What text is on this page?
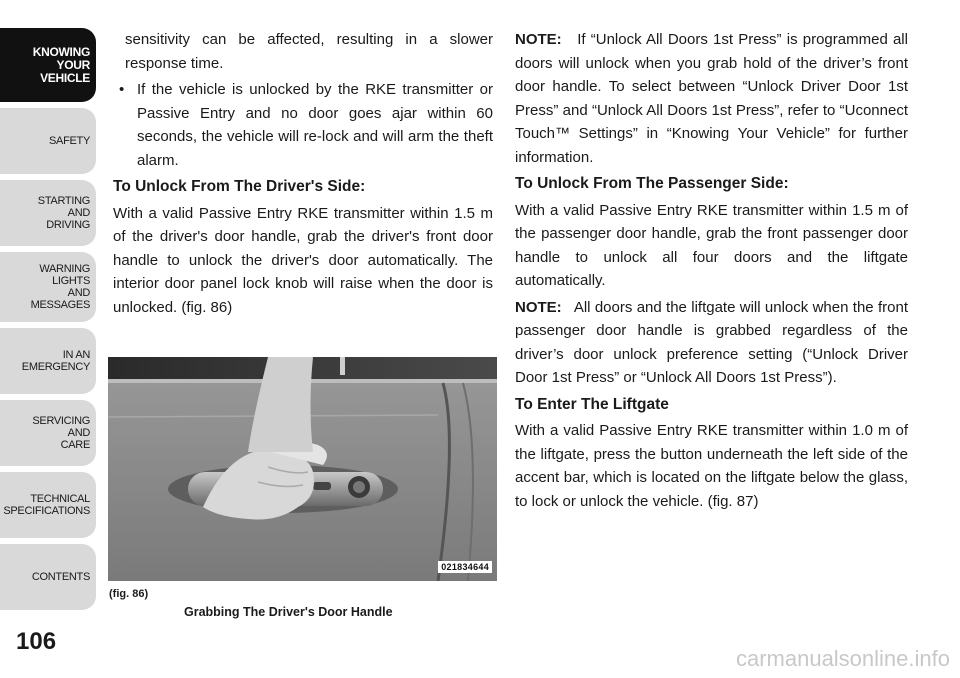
KNOWING
YOUR
VEHICLE
SAFETY
STARTING
AND
DRIVING
WARNING
LIGHTS
AND
MESSAGES
IN AN
EMERGENCY
SERVICING
AND
CARE
TECHNICAL
SPECIFICATIONS
CONTENTS
106

sensitivity can be affected, resulting in a slower response time.

• If the vehicle is unlocked by the RKE transmitter or Passive Entry and no door goes ajar within 60 seconds, the vehicle will re-lock and will arm the theft alarm.

To Unlock From The Driver's Side:

With a valid Passive Entry RKE transmitter within 1.5 m of the driver's door handle, grab the driver's front door handle to unlock the driver's door automatically. The interior door panel lock knob will raise when the door is unlocked. (fig. 86)

021834644
(fig. 86)
Grabbing The Driver's Door Handle

NOTE: If “Unlock All Doors 1st Press” is programmed all doors will unlock when you grab hold of the driver’s front door handle. To select between “Unlock Driver Door 1st Press” and “Unlock All Doors 1st Press”, refer to “Uconnect Touch™ Settings” in “Knowing Your Vehicle” for further information.

To Unlock From The Passenger Side:

With a valid Passive Entry RKE transmitter within 1.5 m of the passenger door handle, grab the front passenger door handle to unlock all four doors and the liftgate automatically.

NOTE: All doors and the liftgate will unlock when the front passenger door handle is grabbed regardless of the driver’s door unlock preference setting (“Unlock Driver Door 1st Press” or “Unlock All Doors 1st Press”).

To Enter The Liftgate

With a valid Passive Entry RKE transmitter within 1.0 m of the liftgate, press the button underneath the left side of the accent bar, which is located on the liftgate below the glass, to lock or unlock the vehicle. (fig. 87)

carmanualsonline.info
